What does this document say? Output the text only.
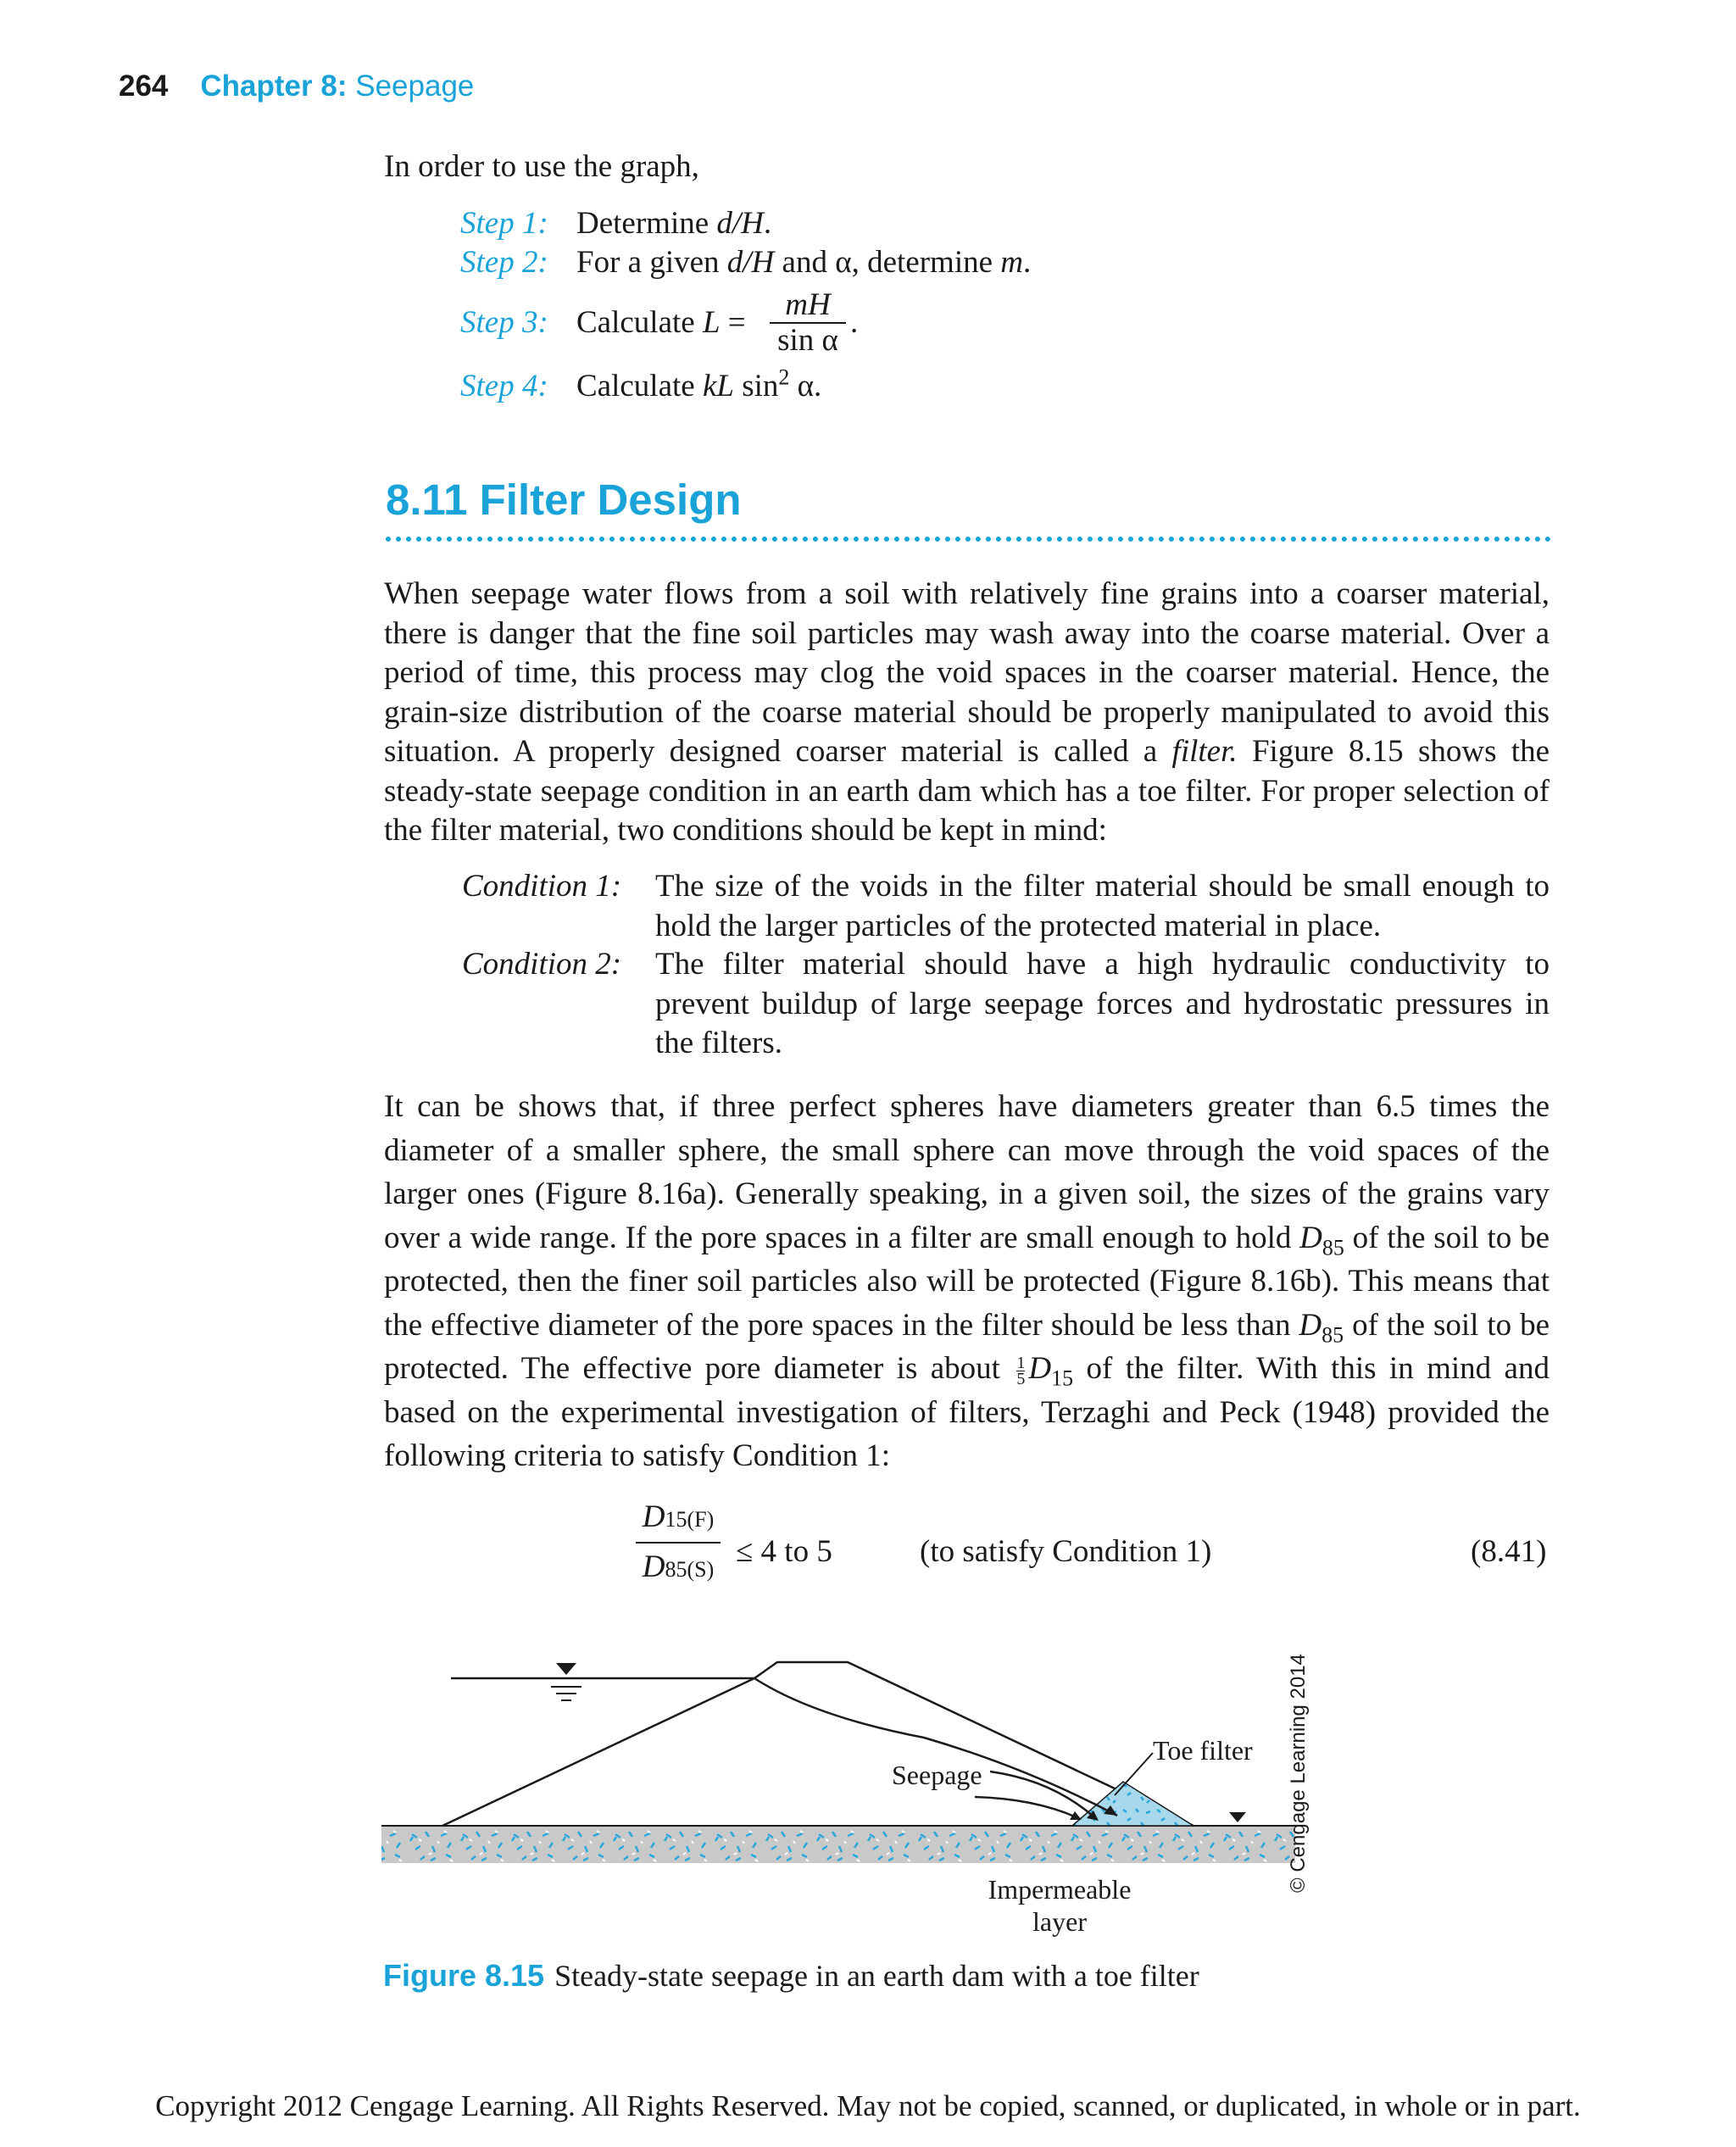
264 Chapter 8: Seepage
In order to use the graph,
Step 1: Determine d/H.
Step 2: For a given d/H and α, determine m.
Step 3: Calculate $L = \frac{mH}{\text{sin α}}$ .
Step 4: Calculate kL $\sin^2 \alpha$.
8.11 Filter Design
When seepage water flows from a soil with relatively fine grains into a coarser material, there is danger that the fine soil particles may wash away into the coarse material. Over a period of time, this process may clog the void spaces in the coarser material. Hence, the grain-size distribution of the coarse material should be properly manipulated to avoid this situation. A properly designed coarser material is called a filter. Figure 8.15 shows the steady-state seepage condition in an earth dam which has a toe filter. For proper selection of the filter material, two conditions should be kept in mind:
Condition 1: The size of the voids in the filter material should be small enough to hold the larger particles of the protected material in place.
Condition 2: The filter material should have a high hydraulic conductivity to prevent buildup of large seepage forces and hydrostatic pressures in the filters.
It can be shows that, if three perfect spheres have diameters greater than 6.5 times the diameter of a smaller sphere, the small sphere can move through the void spaces of the larger ones (Figure 8.16a). Generally speaking, in a given soil, the sizes of the grains vary over a wide range. If the pore spaces in a filter are small enough to hold $D_{85}$ of the soil to be protected, then the finer soil particles also will be protected (Figure 8.16b). This means that the effective diameter of the pore spaces in the filter should be less than $D_{85}$ of the soil to be protected. The effective pore diameter is about $\frac{1}{5} D_{15}$ of the filter. With this in mind and based on the experimental investigation of filters, Terzaghi and Peck (1948) provided the following criteria to satisfy Condition 1:
$\frac{D15(F)}{D85(S)} \le 4$ to 5	(to satisfy Condition 1)	(8.41)
Toe filter
Seepage
Impermeable
layer
© Cengage Learning 2014
Figure 8.15 Steady-state seepage in an earth dam with a toe filter
Copyright 2012 Cengage Learning. All Rights Reserved. May not be copied, scanned, or duplicated, in whole or in part.
